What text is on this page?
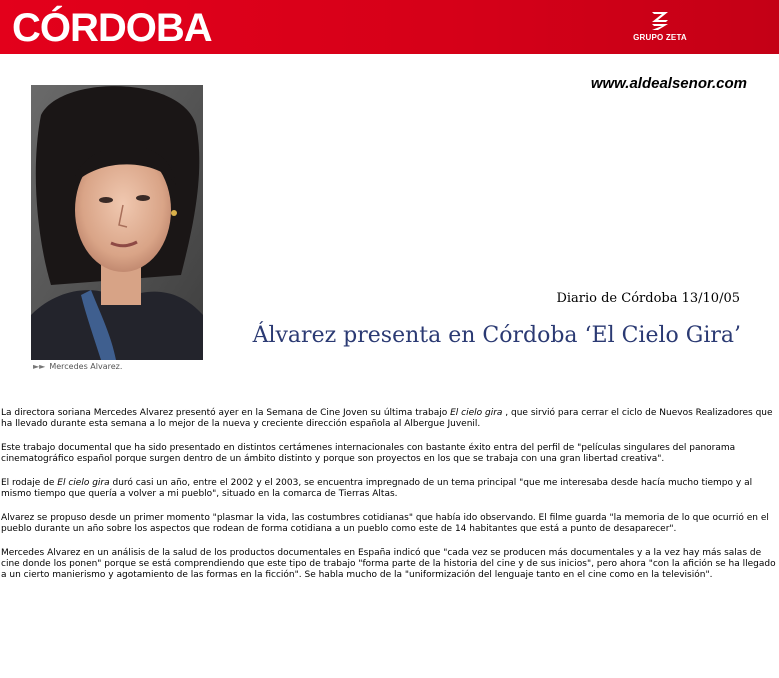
CÓRDOBA	GRUPO ZETA
www.aldealsenor.com
►► Mercedes Alvarez.
Diario de Córdoba 13/10/05
Álvarez presenta en Córdoba ‘El Cielo Gira’

La directora soriana Mercedes Alvarez presentó ayer en la Semana de Cine Joven su última trabajo El cielo gira , que sirvió para cerrar el ciclo de Nuevos Realizadores que ha llevado durante esta semana a lo mejor de la nueva y creciente dirección española al Albergue Juvenil.

Este trabajo documental que ha sido presentado en distintos certámenes internacionales con bastante éxito entra del perfil de "películas singulares del panorama cinematográfico español porque surgen dentro de un ámbito distinto y porque son proyectos en los que se trabaja con una gran libertad creativa".

El rodaje de El cielo gira duró casi un año, entre el 2002 y el 2003, se encuentra impregnado de un tema principal "que me interesaba desde hacía mucho tiempo y al mismo tiempo que quería a volver a mi pueblo", situado en la comarca de Tierras Altas.

Alvarez se propuso desde un primer momento "plasmar la vida, las costumbres cotidianas" que había ido observando. El filme guarda "la memoria de lo que ocurrió en el pueblo durante un año sobre los aspectos que rodean de forma cotidiana a un pueblo como este de 14 habitantes que está a punto de desaparecer".

Mercedes Alvarez en un análisis de la salud de los productos documentales en España indicó que "cada vez se producen más documentales y a la vez hay más salas de cine donde los ponen" porque se está comprendiendo que este tipo de trabajo "forma parte de la historia del cine y de sus inicios", pero ahora "con la afición se ha llegado a un cierto manierismo y agotamiento de las formas en la ficción". Se habla mucho de la "uniformización del lenguaje tanto en el cine como en la televisión".
